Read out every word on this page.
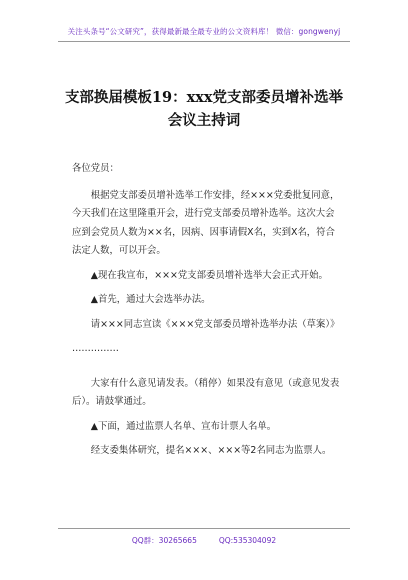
关注头条号“公文研究”，获得最新最全最专业的公文资料库！ 微信：gongwenyj
支部换届模板19：xxx党支部委员增补选举
会议主持词

各位党员：

根据党支部委员增补选举工作安排，经×××党委批复同意，今天我们在这里隆重开会，进行党支部委员增补选举。这次大会应到会党员人数为××名，因病、因事请假X名，实到X名，符合法定人数，可以开会。

▲现在我宣布，×××党支部委员增补选举大会正式开始。

▲首先，通过大会选举办法。

请×××同志宣读《×××党支部委员增补选举办法（草案）》

……………

大家有什么意见请发表。（稍停）如果没有意见（或意见发表后）。请鼓掌通过。

▲下面，通过监票人名单、宣布计票人名单。

经支委集体研究，提名×××、×××等2名同志为监票人。

QQ群：30265665	QQ:535304092
